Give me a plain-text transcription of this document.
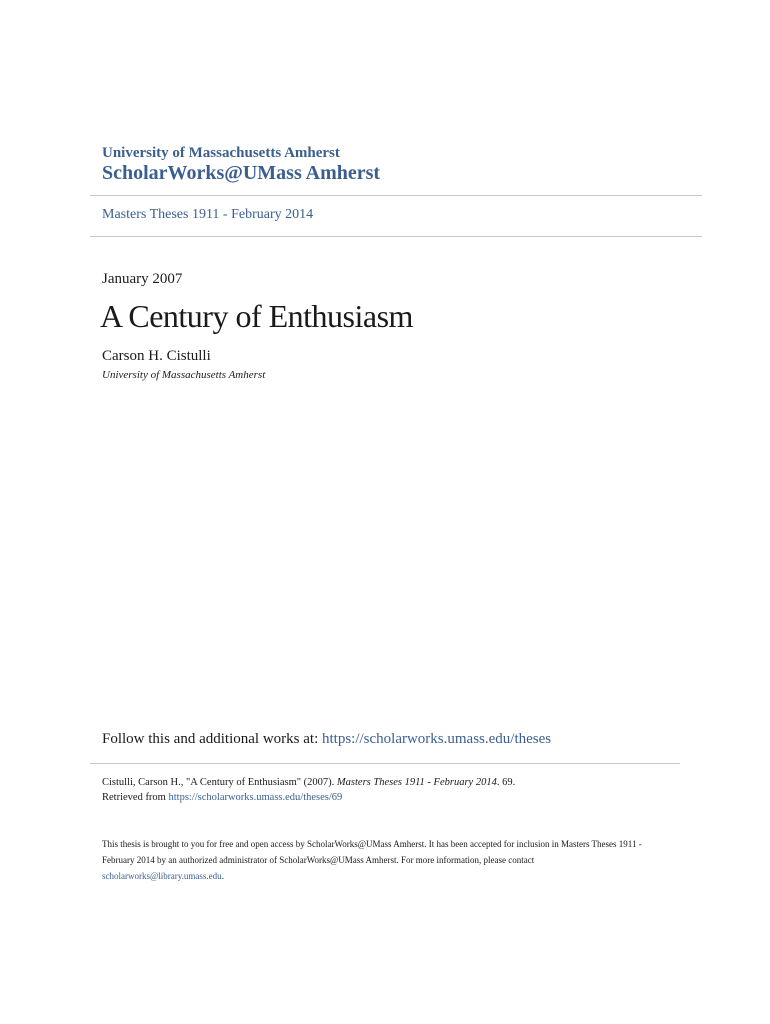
University of Massachusetts Amherst
ScholarWorks@UMass Amherst
Masters Theses 1911 - February 2014
January 2007
A Century of Enthusiasm
Carson H. Cistulli
University of Massachusetts Amherst
Follow this and additional works at: https://scholarworks.umass.edu/theses
Cistulli, Carson H., "A Century of Enthusiasm" (2007). Masters Theses 1911 - February 2014. 69.
Retrieved from https://scholarworks.umass.edu/theses/69
This thesis is brought to you for free and open access by ScholarWorks@UMass Amherst. It has been accepted for inclusion in Masters Theses 1911 -
February 2014 by an authorized administrator of ScholarWorks@UMass Amherst. For more information, please contact
scholarworks@library.umass.edu.
